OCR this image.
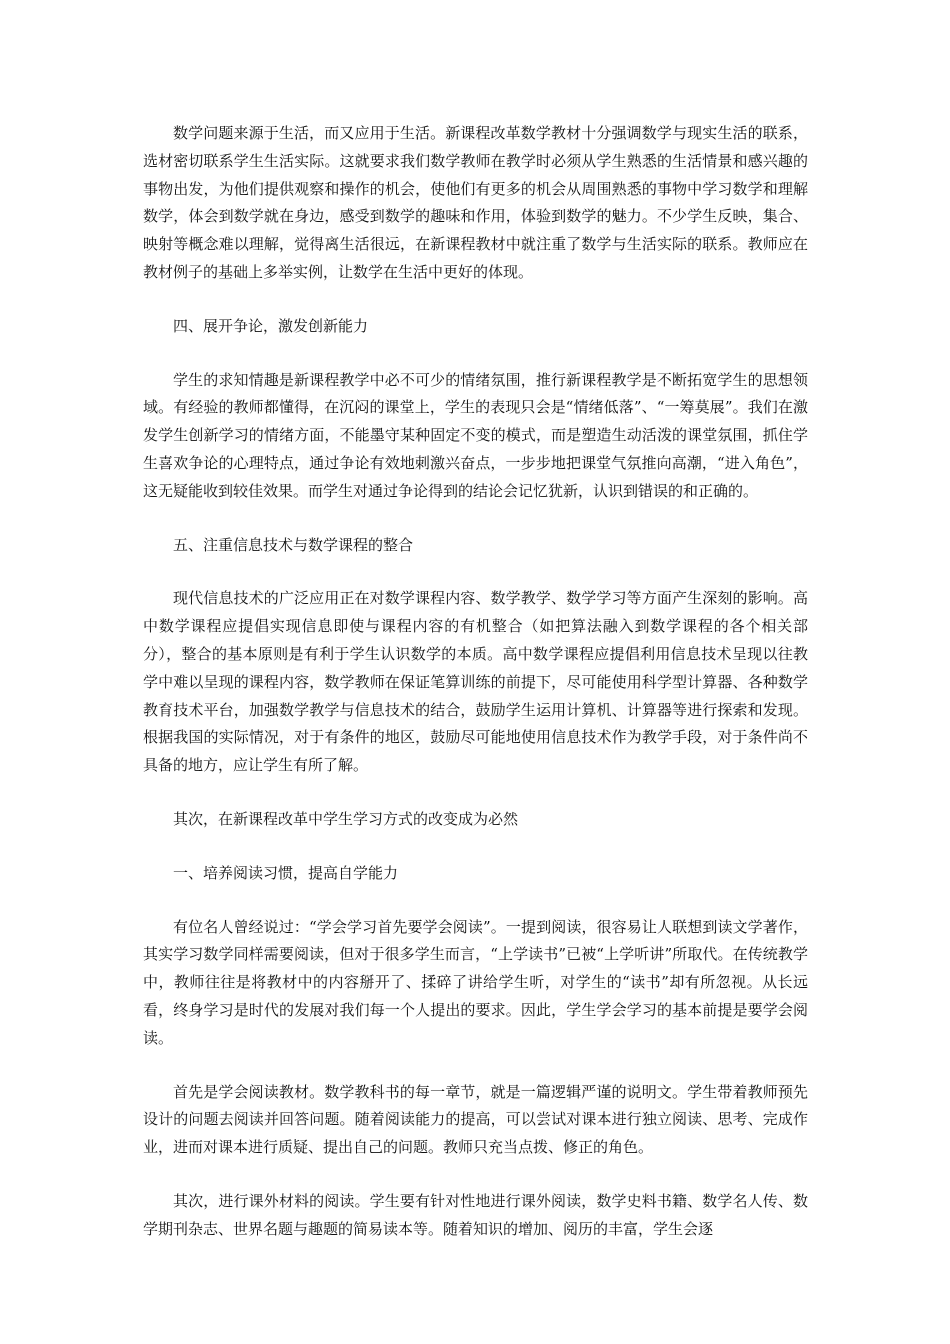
数学问题来源于生活，而又应用于生活。新课程改革数学教材十分强调数学与现实生活的联系，选材密切联系学生生活实际。这就要求我们数学教师在教学时必须从学生熟悉的生活情景和感兴趣的事物出发，为他们提供观察和操作的机会，使他们有更多的机会从周围熟悉的事物中学习数学和理解数学，体会到数学就在身边，感受到数学的趣味和作用，体验到数学的魅力。不少学生反映，集合、映射等概念难以理解，觉得离生活很远，在新课程教材中就注重了数学与生活实际的联系。教师应在教材例子的基础上多举实例，让数学在生活中更好的体现。

四、展开争论，激发创新能力

学生的求知情趣是新课程教学中必不可少的情绪氛围，推行新课程教学是不断拓宽学生的思想领域。有经验的教师都懂得，在沉闷的课堂上，学生的表现只会是“情绪低落”、“一筹莫展”。我们在激发学生创新学习的情绪方面，不能墨守某种固定不变的模式，而是塑造生动活泼的课堂氛围，抓住学生喜欢争论的心理特点，通过争论有效地刺激兴奋点，一步步地把课堂气氛推向高潮，“进入角色”，这无疑能收到较佳效果。而学生对通过争论得到的结论会记忆犹新，认识到错误的和正确的。

五、注重信息技术与数学课程的整合

现代信息技术的广泛应用正在对数学课程内容、数学教学、数学学习等方面产生深刻的影响。高中数学课程应提倡实现信息即使与课程内容的有机整合（如把算法融入到数学课程的各个相关部分），整合的基本原则是有利于学生认识数学的本质。高中数学课程应提倡利用信息技术呈现以往教学中难以呈现的课程内容，数学教师在保证笔算训练的前提下，尽可能使用科学型计算器、各种数学教育技术平台，加强数学教学与信息技术的结合，鼓励学生运用计算机、计算器等进行探索和发现。根据我国的实际情况，对于有条件的地区，鼓励尽可能地使用信息技术作为教学手段，对于条件尚不具备的地方，应让学生有所了解。

其次，在新课程改革中学生学习方式的改变成为必然

一、培养阅读习惯，提高自学能力

有位名人曾经说过：“学会学习首先要学会阅读”。一提到阅读，很容易让人联想到读文学著作，其实学习数学同样需要阅读，但对于很多学生而言，“上学读书”已被“上学听讲”所取代。在传统教学中，教师往往是将教材中的内容掰开了、揉碎了讲给学生听，对学生的“读书”却有所忽视。从长远看，终身学习是时代的发展对我们每一个人提出的要求。因此，学生学会学习的基本前提是要学会阅读。

首先是学会阅读教材。数学教科书的每一章节，就是一篇逻辑严谨的说明文。学生带着教师预先设计的问题去阅读并回答问题。随着阅读能力的提高，可以尝试对课本进行独立阅读、思考、完成作业，进而对课本进行质疑、提出自己的问题。教师只充当点拨、修正的角色。

其次，进行课外材料的阅读。学生要有针对性地进行课外阅读，数学史料书籍、数学名人传、数学期刊杂志、世界名题与趣题的简易读本等。随着知识的增加、阅历的丰富，学生会逐
